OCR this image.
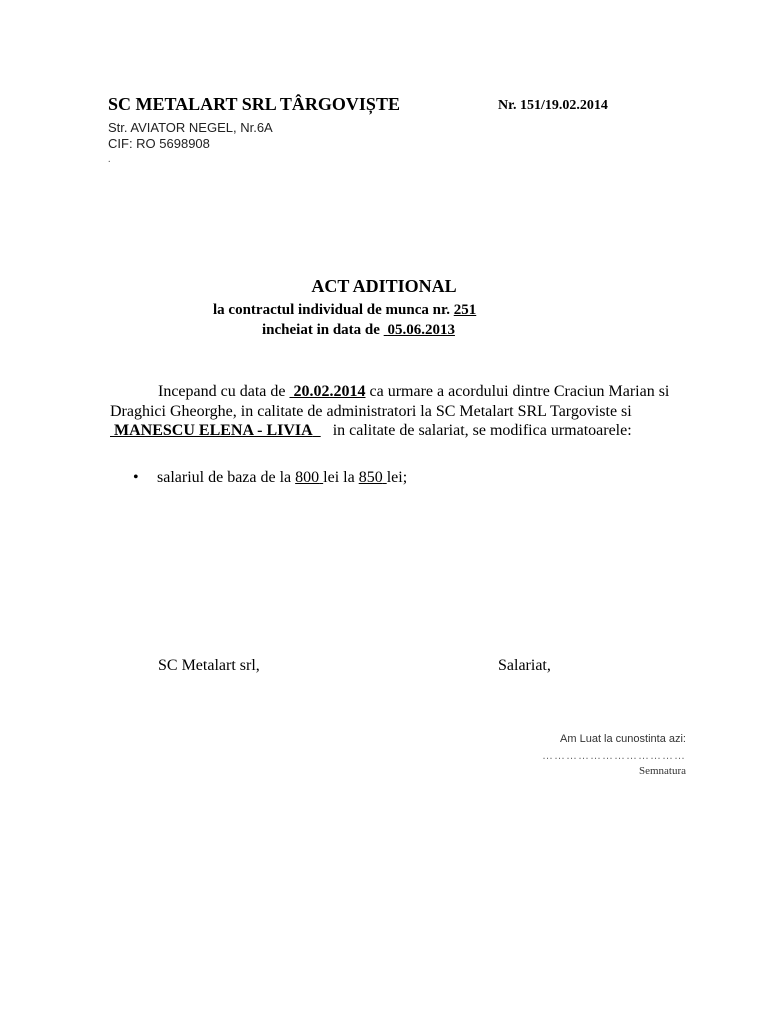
SC METALART SRL TÂRGOVIȘTE	Nr. 151/19.02.2014
Str. AVIATOR NEGEL, Nr.6A
CIF: RO 5698908
.
ACT ADITIONAL
la contractul individual de munca nr. 251
incheiat in data de 05.06.2013
Incepand cu data de 20.02.2014 ca urmare a acordului dintre Craciun Marian si Draghici Gheorghe, in calitate de administratori la SC Metalart SRL Targoviste si  MANESCU ELENA - LIVIA in calitate de salariat, se modifica urmatoarele:
• salariul de baza de la 800 lei la 850 lei;
SC Metalart srl,	Salariat,
Am Luat la cunostinta azi:
………………………………
Semnatura
